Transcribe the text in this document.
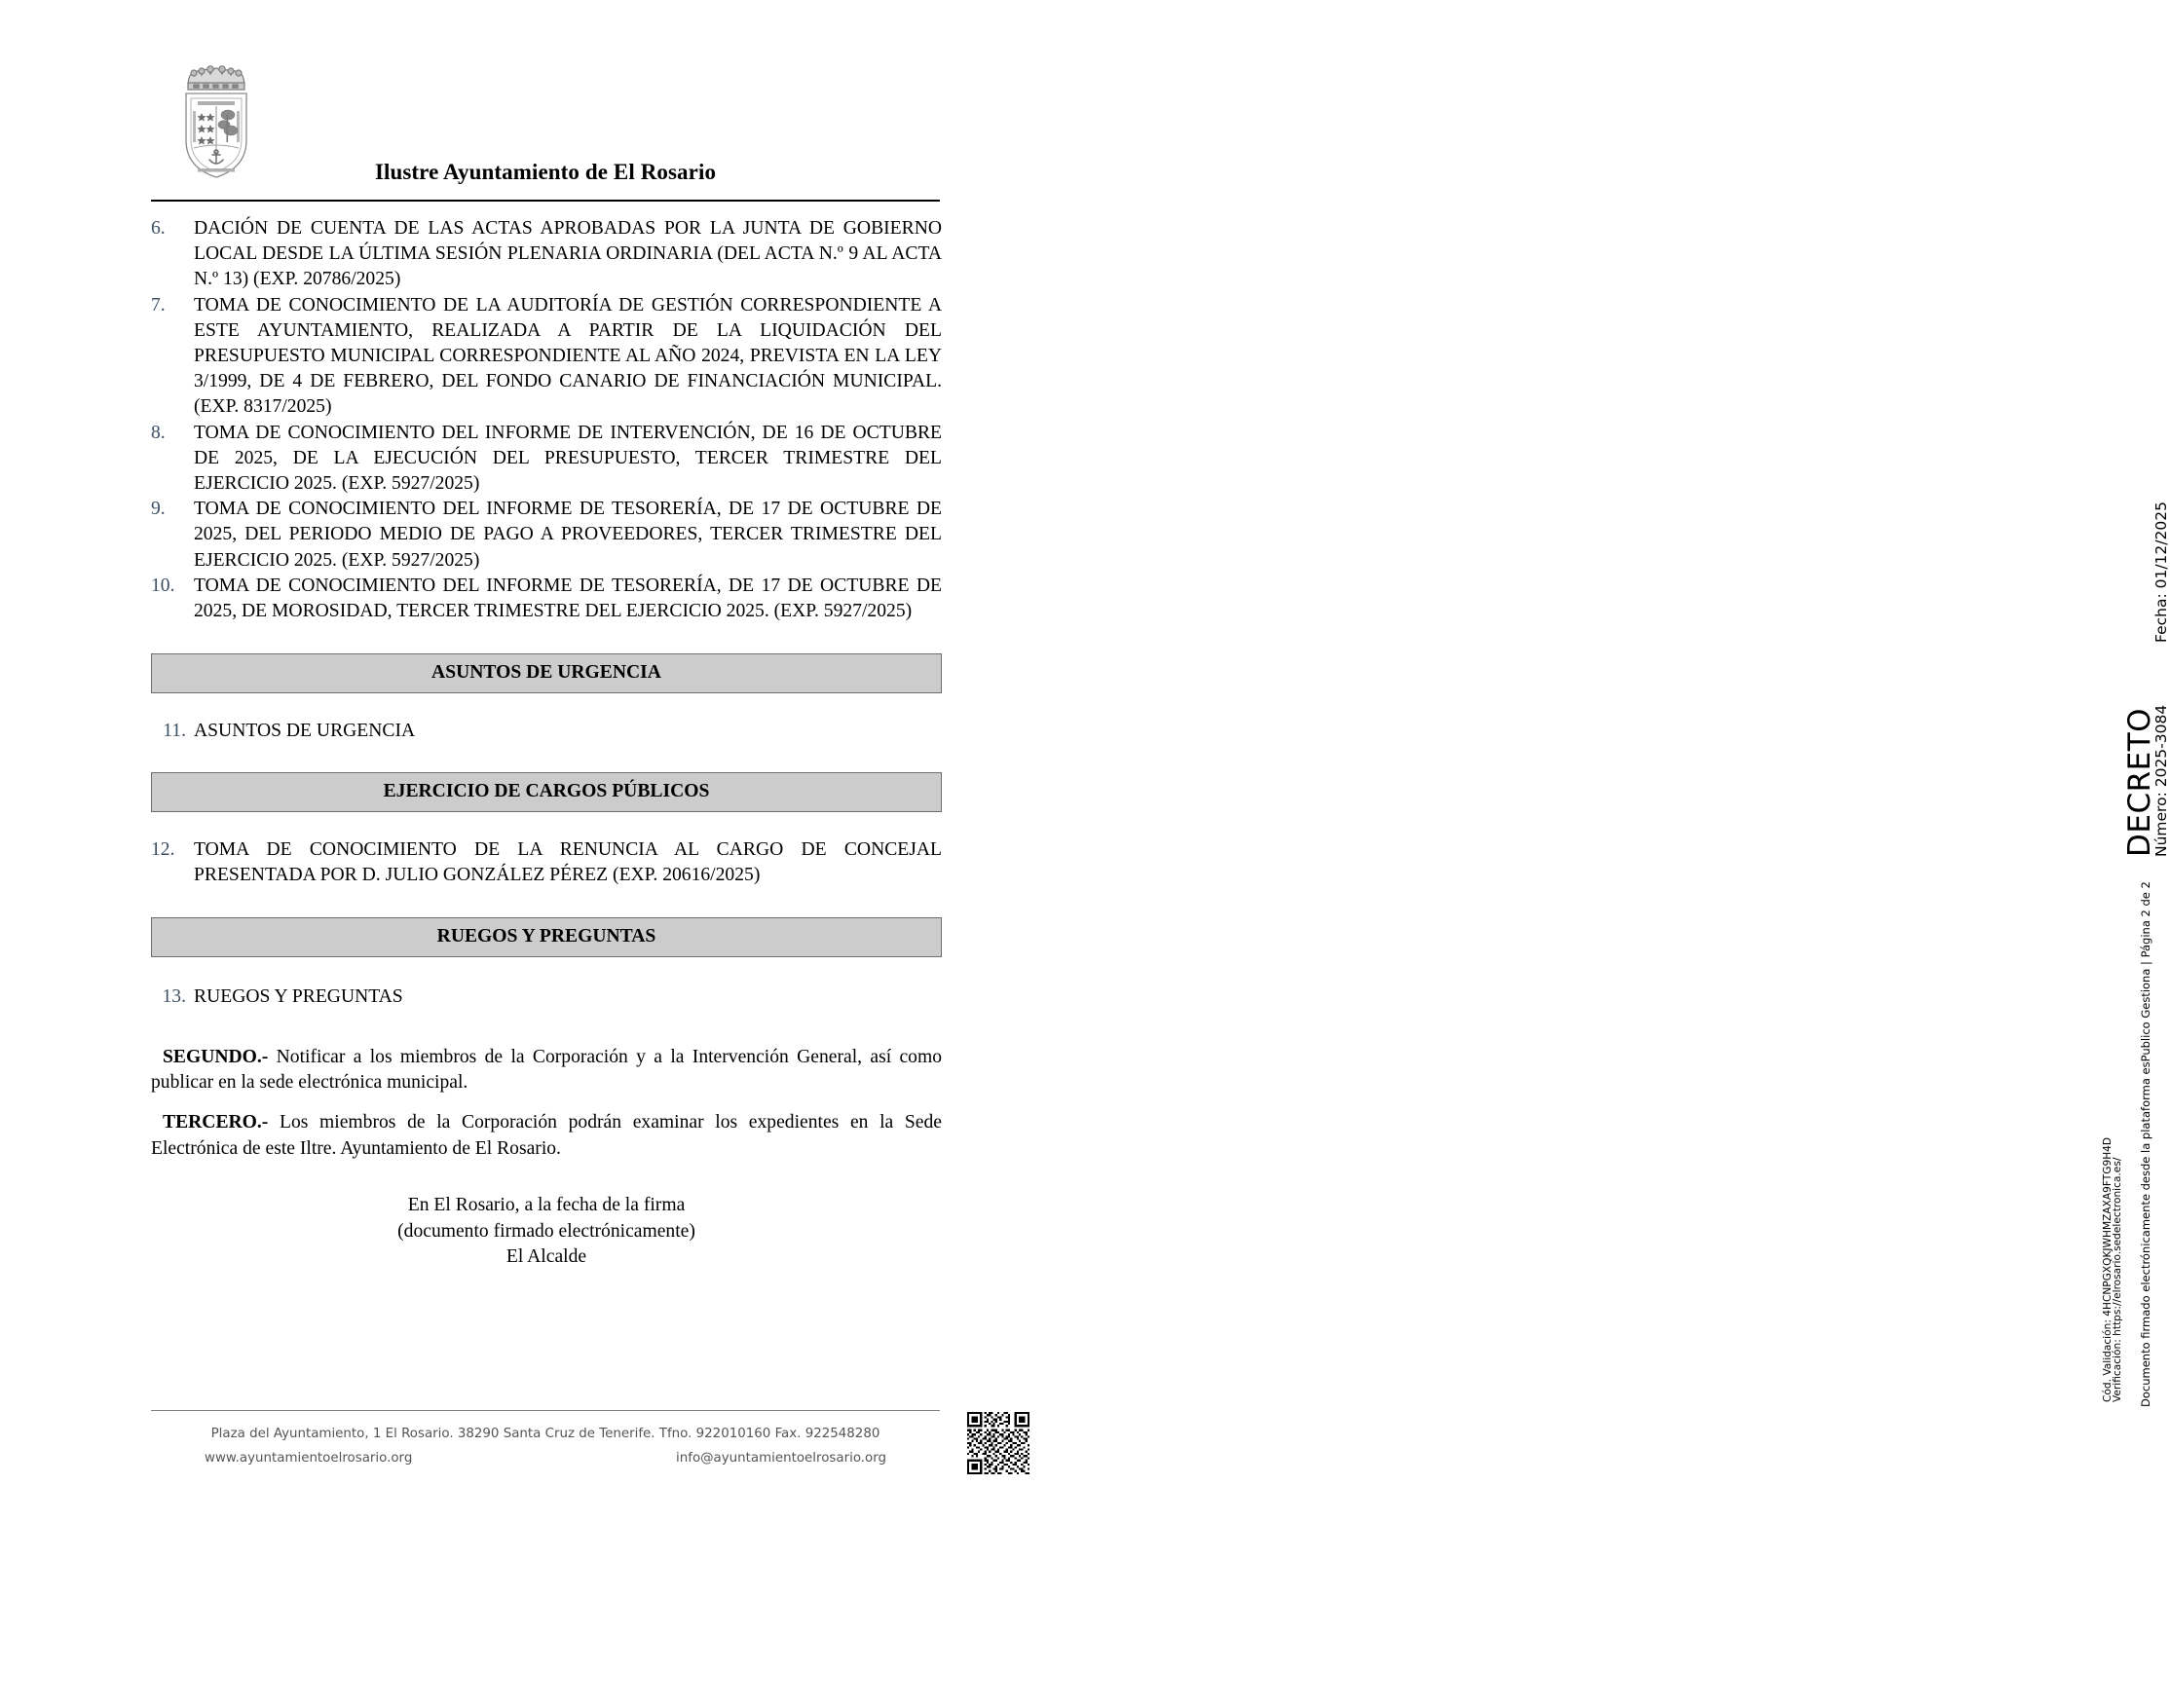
Ilustre Ayuntamiento de El Rosario
6.	DACIÓN DE CUENTA DE LAS ACTAS APROBADAS POR LA JUNTA DE GOBIERNO LOCAL DESDE LA ÚLTIMA SESIÓN PLENARIA ORDINARIA (DEL ACTA N.º 9 AL ACTA N.º 13) (EXP. 20786/2025)
7.	TOMA DE CONOCIMIENTO DE LA AUDITORÍA DE GESTIÓN CORRESPONDIENTE A ESTE AYUNTAMIENTO, REALIZADA A PARTIR DE LA LIQUIDACIÓN DEL PRESUPUESTO MUNICIPAL CORRESPONDIENTE AL AÑO 2024, PREVISTA EN LA LEY 3/1999, DE 4 DE FEBRERO, DEL FONDO CANARIO DE FINANCIACIÓN MUNICIPAL. (EXP. 8317/2025)
8.	TOMA DE CONOCIMIENTO DEL INFORME DE INTERVENCIÓN, DE 16 DE OCTUBRE DE 2025, DE LA EJECUCIÓN DEL PRESUPUESTO, TERCER TRIMESTRE DEL EJERCICIO 2025. (EXP. 5927/2025)
9.	TOMA DE CONOCIMIENTO DEL INFORME DE TESORERÍA, DE 17 DE OCTUBRE DE 2025, DEL PERIODO MEDIO DE PAGO A PROVEEDORES, TERCER TRIMESTRE DEL EJERCICIO 2025. (EXP. 5927/2025)
10. TOMA DE CONOCIMIENTO DEL INFORME DE TESORERÍA, DE 17 DE OCTUBRE DE 2025, DE MOROSIDAD, TERCER TRIMESTRE DEL EJERCICIO 2025. (EXP. 5927/2025)
ASUNTOS DE URGENCIA
11. ASUNTOS DE URGENCIA
EJERCICIO DE CARGOS PÚBLICOS
12. TOMA DE CONOCIMIENTO DE LA RENUNCIA AL CARGO DE CONCEJAL PRESENTADA POR D. JULIO GONZÁLEZ PÉREZ (EXP. 20616/2025)
RUEGOS Y PREGUNTAS
13. RUEGOS Y PREGUNTAS
SEGUNDO.- Notificar a los miembros de la Corporación y a la Intervención General, así como publicar en la sede electrónica municipal.
TERCERO.- Los miembros de la Corporación podrán examinar los expedientes en la Sede Electrónica de este Iltre. Ayuntamiento de El Rosario.
En El Rosario, a la fecha de la firma
(documento firmado electrónicamente)
El Alcalde
DECRETO
Número: 2025-3084
Fecha: 01/12/2025
Documento firmado electrónicamente desde la plataforma esPublico Gestiona | Página 2 de 2
Cód. Validación: 4HCNPGXQKJWHMZAXA9FTG9H4D
Verificación: https://elrosario.sedelectronica.es/
Plaza del Ayuntamiento, 1 El Rosario. 38290 Santa Cruz de Tenerife. Tfno. 922010160 Fax. 922548280
www.ayuntamientoelrosario.org	info@ayuntamientoelrosario.org
